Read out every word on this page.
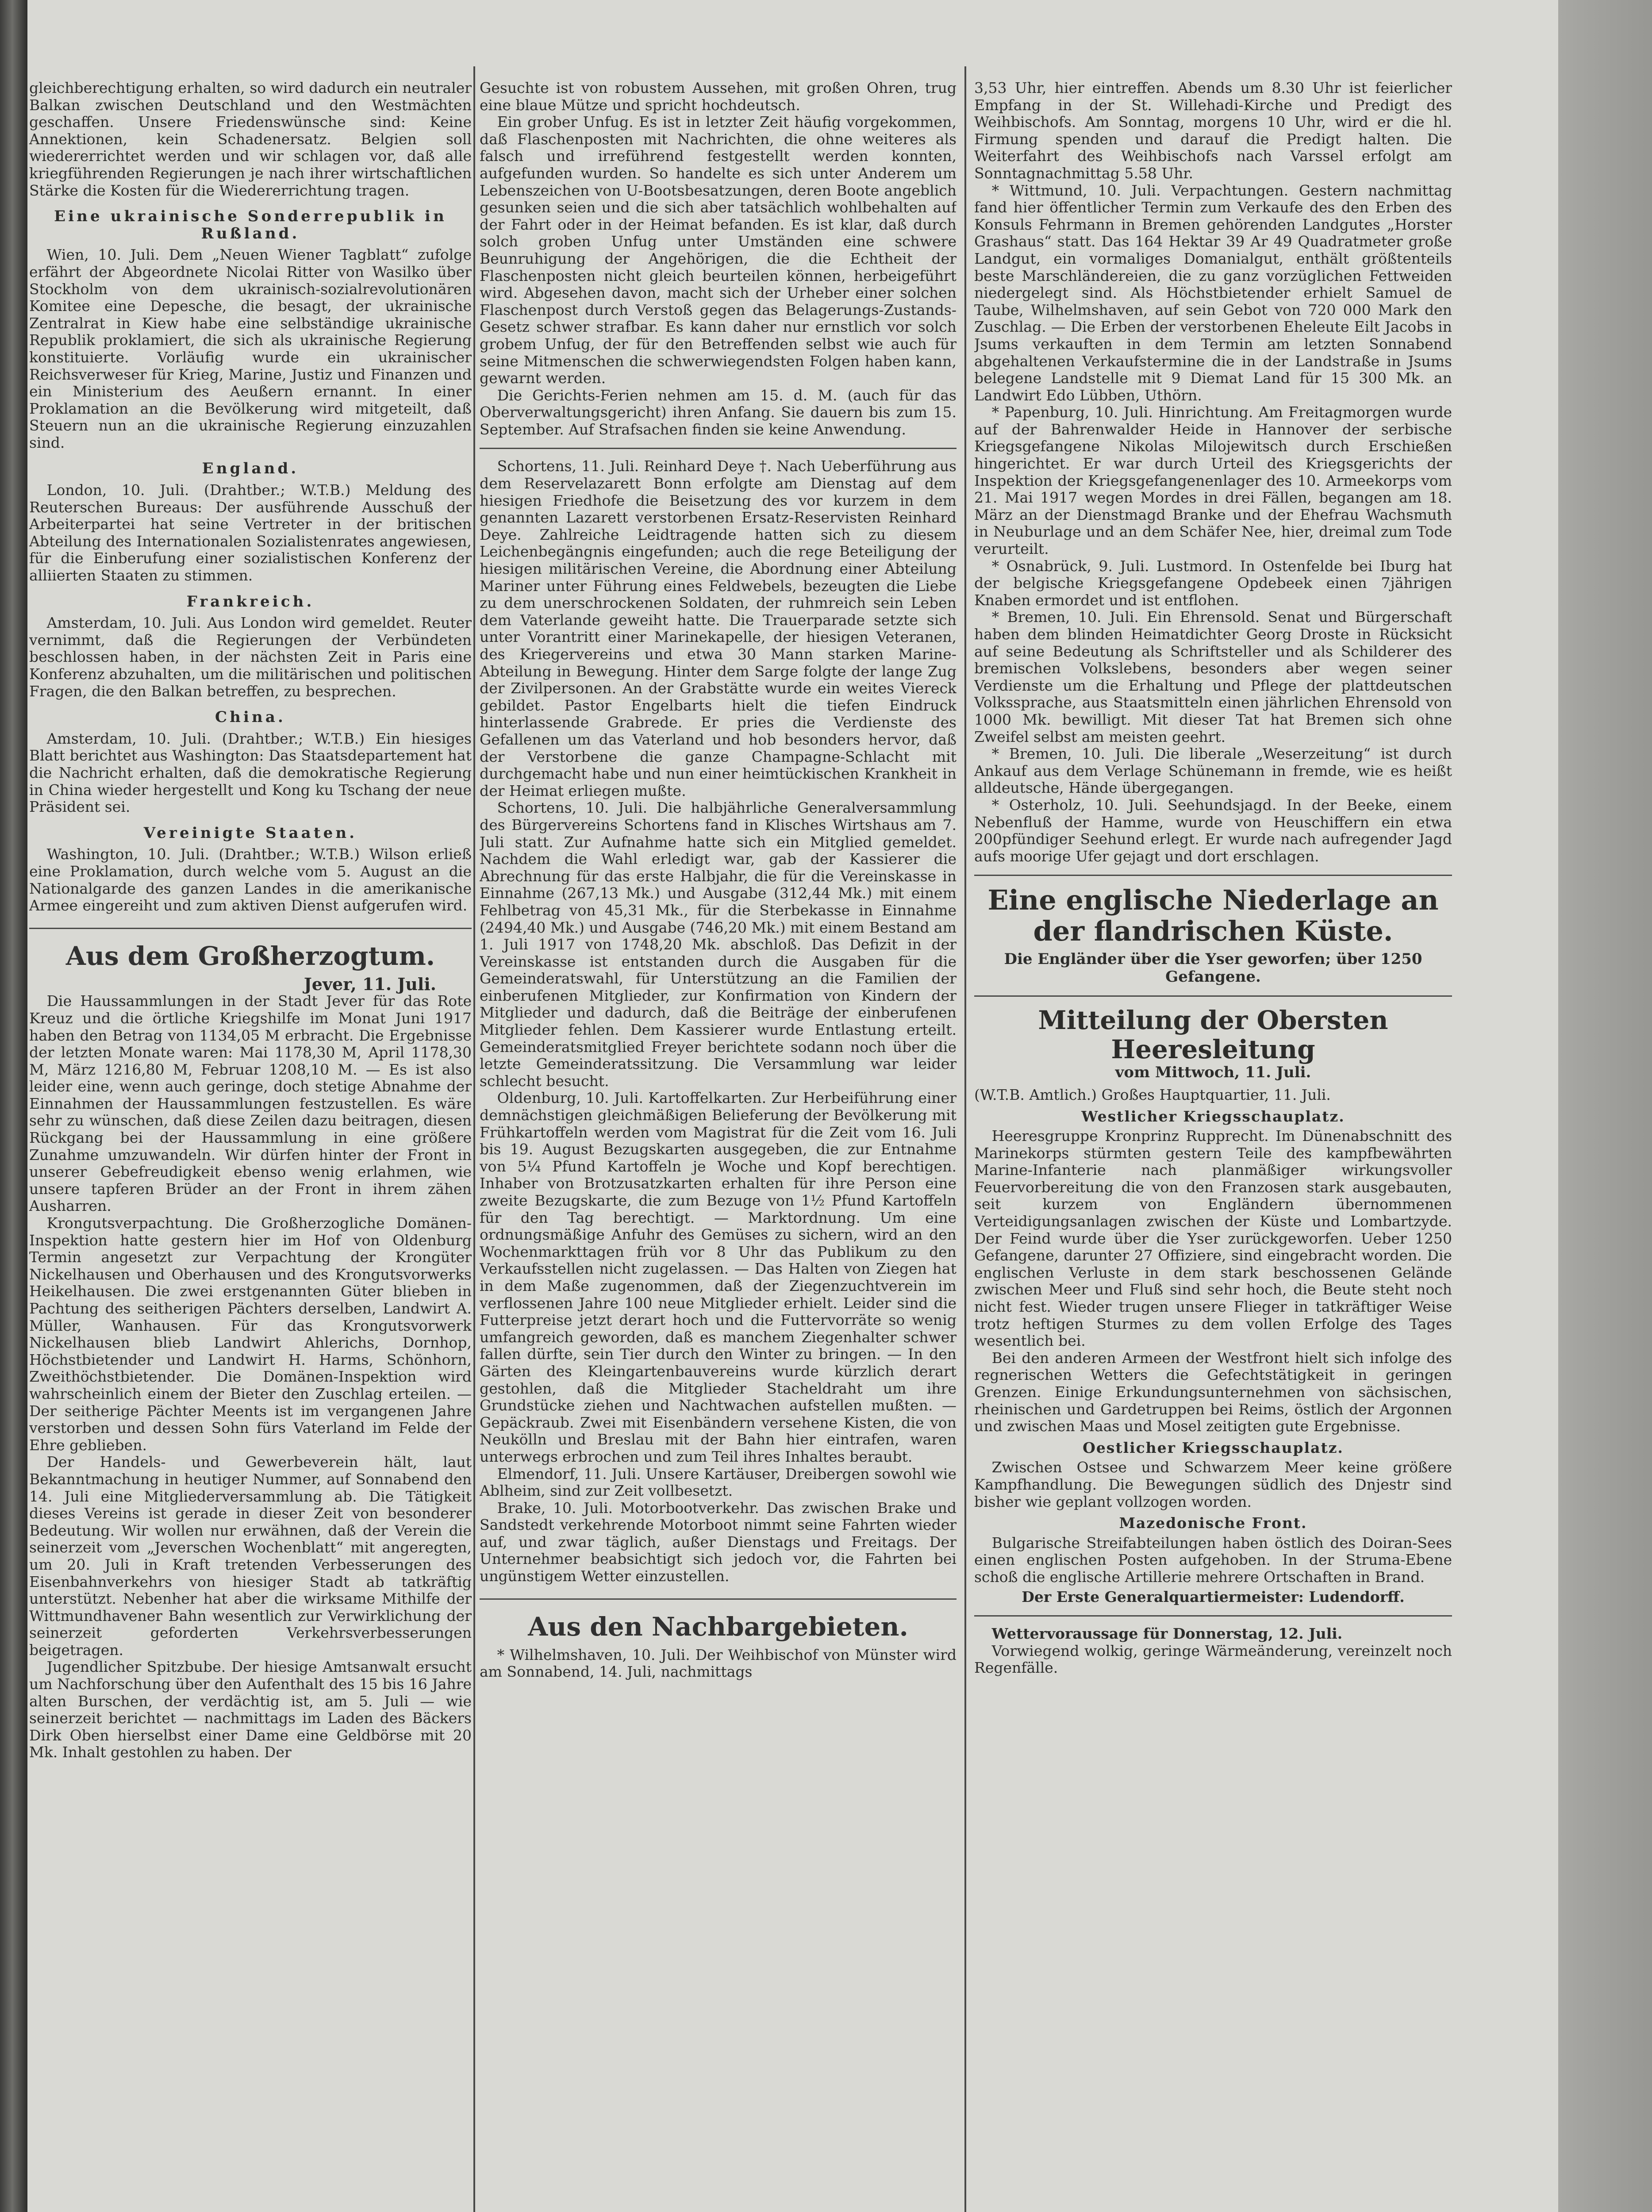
gleichberechtigung erhalten, so wird dadurch ein neutraler Balkan zwischen Deutschland und den Westmächten geschaffen. Unsere Friedenswünsche sind: Keine Annektionen, kein Schadenersatz. Belgien soll wiedererrichtet werden und wir schlagen vor, daß alle kriegführenden Regierungen je nach ihrer wirtschaftlichen Stärke die Kosten für die Wiedererrichtung tragen.

Eine ukrainische Sonderrepublik in Rußland.

Wien, 10. Juli. Dem „Neuen Wiener Tagblatt“ zufolge erfährt der Abgeordnete Nicolai Ritter von Wasilko über Stockholm von dem ukrainisch-sozialrevolutionären Komitee eine Depesche, die besagt, der ukrainische Zentralrat in Kiew habe eine selbständige ukrainische Republik proklamiert, die sich als ukrainische Regierung konstituierte. Vorläufig wurde ein ukrainischer Reichsverweser für Krieg, Marine, Justiz und Finanzen und ein Ministerium des Aeußern ernannt. In einer Proklamation an die Bevölkerung wird mitgeteilt, daß Steuern nun an die ukrainische Regierung einzuzahlen sind.

England.

London, 10. Juli. (Drahtber.; W.T.B.) Meldung des Reuterschen Bureaus: Der ausführende Ausschuß der Arbeiterpartei hat seine Vertreter in der britischen Abteilung des Internationalen Sozialistenrates angewiesen, für die Einberufung einer sozialistischen Konferenz der alliierten Staaten zu stimmen.

Frankreich.

Amsterdam, 10. Juli. Aus London wird gemeldet. Reuter vernimmt, daß die Regierungen der Verbündeten beschlossen haben, in der nächsten Zeit in Paris eine Konferenz abzuhalten, um die militärischen und politischen Fragen, die den Balkan betreffen, zu besprechen.

China.

Amsterdam, 10. Juli. (Drahtber.; W.T.B.) Ein hiesiges Blatt berichtet aus Washington: Das Staatsdepartement hat die Nachricht erhalten, daß die demokratische Regierung in China wieder hergestellt und Kong ku Tschang der neue Präsident sei.

Vereinigte Staaten.

Washington, 10. Juli. (Drahtber.; W.T.B.) Wilson erließ eine Proklamation, durch welche vom 5. August an die Nationalgarde des ganzen Landes in die amerikanische Armee eingereiht und zum aktiven Dienst aufgerufen wird.

Aus dem Großherzogtum.
Jever, 11. Juli.

Die Haussammlungen in der Stadt Jever für das Rote Kreuz und die örtliche Kriegshilfe im Monat Juni 1917 haben den Betrag von 1134,05 M erbracht. Die Ergebnisse der letzten Monate waren: Mai 1178,30 M, April 1178,30 M, März 1216,80 M, Februar 1208,10 M. — Es ist also leider eine, wenn auch geringe, doch stetige Abnahme der Einnahmen der Haussammlungen festzustellen. Es wäre sehr zu wünschen, daß diese Zeilen dazu beitragen, diesen Rückgang bei der Haussammlung in eine größere Zunahme umzuwandeln. Wir dürfen hinter der Front in unserer Gebefreudigkeit ebenso wenig erlahmen, wie unsere tapferen Brüder an der Front in ihrem zähen Ausharren.

Krongutsverpachtung. Die Großherzogliche Domänen-Inspektion hatte gestern hier im Hof von Oldenburg Termin angesetzt zur Verpachtung der Krongüter Nickelhausen und Oberhausen und des Krongutsvorwerks Heikelhausen. Die zwei erstgenannten Güter blieben in Pachtung des seitherigen Pächters derselben, Landwirt A. Müller, Wanhausen. Für das Krongutsvorwerk Nickelhausen blieb Landwirt Ahlerichs, Dornhop, Höchstbietender und Landwirt H. Harms, Schönhorn, Zweithöchstbietender. Die Domänen-Inspektion wird wahrscheinlich einem der Bieter den Zuschlag erteilen. — Der seitherige Pächter Meents ist im vergangenen Jahre verstorben und dessen Sohn fürs Vaterland im Felde der Ehre geblieben.

Der Handels- und Gewerbeverein hält, laut Bekanntmachung in heutiger Nummer, auf Sonnabend den 14. Juli eine Mitgliederversammlung ab. Die Tätigkeit dieses Vereins ist gerade in dieser Zeit von besonderer Bedeutung. Wir wollen nur erwähnen, daß der Verein die seinerzeit vom „Jeverschen Wochenblatt“ mit angeregten, um 20. Juli in Kraft tretenden Verbesserungen des Eisenbahnverkehrs von hiesiger Stadt ab tatkräftig unterstützt. Nebenher hat aber die wirksame Mithilfe der Wittmundhavener Bahn wesentlich zur Verwirklichung der seinerzeit geforderten Verkehrsverbesserungen beigetragen.

Jugendlicher Spitzbube. Der hiesige Amtsanwalt ersucht um Nachforschung über den Aufenthalt des 15 bis 16 Jahre alten Burschen, der verdächtig ist, am 5. Juli — wie seinerzeit berichtet — nachmittags im Laden des Bäckers Dirk Oben hierselbst einer Dame eine Geldbörse mit 20 Mk. Inhalt gestohlen zu haben. Der

Gesuchte ist von robustem Aussehen, mit großen Ohren, trug eine blaue Mütze und spricht hochdeutsch.

Ein grober Unfug. Es ist in letzter Zeit häufig vorgekommen, daß Flaschenposten mit Nachrichten, die ohne weiteres als falsch und irreführend festgestellt werden konnten, aufgefunden wurden. So handelte es sich unter Anderem um Lebenszeichen von U-Bootsbesatzungen, deren Boote angeblich gesunken seien und die sich aber tatsächlich wohlbehalten auf der Fahrt oder in der Heimat befanden. Es ist klar, daß durch solch groben Unfug unter Umständen eine schwere Beunruhigung der Angehörigen, die die Echtheit der Flaschenposten nicht gleich beurteilen können, herbeigeführt wird. Abgesehen davon, macht sich der Urheber einer solchen Flaschenpost durch Verstoß gegen das Belagerungs-Zustands-Gesetz schwer strafbar. Es kann daher nur ernstlich vor solch grobem Unfug, der für den Betreffenden selbst wie auch für seine Mitmenschen die schwerwiegendsten Folgen haben kann, gewarnt werden.

Die Gerichts-Ferien nehmen am 15. d. M. (auch für das Oberverwaltungsgericht) ihren Anfang. Sie dauern bis zum 15. September. Auf Strafsachen finden sie keine Anwendung.

Schortens, 11. Juli. Reinhard Deye †. Nach Ueberführung aus dem Reservelazarett Bonn erfolgte am Dienstag auf dem hiesigen Friedhofe die Beisetzung des vor kurzem in dem genannten Lazarett verstorbenen Ersatz-Reservisten Reinhard Deye. Zahlreiche Leidtragende hatten sich zu diesem Leichenbegängnis eingefunden; auch die rege Beteiligung der hiesigen militärischen Vereine, die Abordnung einer Abteilung Mariner unter Führung eines Feldwebels, bezeugten die Liebe zu dem unerschrockenen Soldaten, der ruhmreich sein Leben dem Vaterlande geweiht hatte. Die Trauerparade setzte sich unter Vorantritt einer Marinekapelle, der hiesigen Veteranen, des Kriegervereins und etwa 30 Mann starken Marine-Abteilung in Bewegung. Hinter dem Sarge folgte der lange Zug der Zivilpersonen. An der Grabstätte wurde ein weites Viereck gebildet. Pastor Engelbarts hielt die tiefen Eindruck hinterlassende Grabrede. Er pries die Verdienste des Gefallenen um das Vaterland und hob besonders hervor, daß der Verstorbene die ganze Champagne-Schlacht mit durchgemacht habe und nun einer heimtückischen Krankheit in der Heimat erliegen mußte.

Schortens, 10. Juli. Die halbjährliche Generalversammlung des Bürgervereins Schortens fand in Klisches Wirtshaus am 7. Juli statt. Zur Aufnahme hatte sich ein Mitglied gemeldet. Nachdem die Wahl erledigt war, gab der Kassierer die Abrechnung für das erste Halbjahr, die für die Vereinskasse in Einnahme (267,13 Mk.) und Ausgabe (312,44 Mk.) mit einem Fehlbetrag von 45,31 Mk., für die Sterbekasse in Einnahme (2494,40 Mk.) und Ausgabe (746,20 Mk.) mit einem Bestand am 1. Juli 1917 von 1748,20 Mk. abschloß. Das Defizit in der Vereinskasse ist entstanden durch die Ausgaben für die Gemeinderatswahl, für Unterstützung an die Familien der einberufenen Mitglieder, zur Konfirmation von Kindern der Mitglieder und dadurch, daß die Beiträge der einberufenen Mitglieder fehlen. Dem Kassierer wurde Entlastung erteilt. Gemeinderatsmitglied Freyer berichtete sodann noch über die letzte Gemeinderatssitzung. Die Versammlung war leider schlecht besucht.

Oldenburg, 10. Juli. Kartoffelkarten. Zur Herbeiführung einer demnächstigen gleichmäßigen Belieferung der Bevölkerung mit Frühkartoffeln werden vom Magistrat für die Zeit vom 16. Juli bis 19. August Bezugskarten ausgegeben, die zur Entnahme von 5¼ Pfund Kartoffeln je Woche und Kopf berechtigen. Inhaber von Brotzusatzkarten erhalten für ihre Person eine zweite Bezugskarte, die zum Bezuge von 1½ Pfund Kartoffeln für den Tag berechtigt. — Marktordnung. Um eine ordnungsmäßige Anfuhr des Gemüses zu sichern, wird an den Wochenmarkttagen früh vor 8 Uhr das Publikum zu den Verkaufsstellen nicht zugelassen. — Das Halten von Ziegen hat in dem Maße zugenommen, daß der Ziegenzuchtverein im verflossenen Jahre 100 neue Mitglieder erhielt. Leider sind die Futterpreise jetzt derart hoch und die Futtervorräte so wenig umfangreich geworden, daß es manchem Ziegenhalter schwer fallen dürfte, sein Tier durch den Winter zu bringen. — In den Gärten des Kleingartenbauvereins wurde kürzlich derart gestohlen, daß die Mitglieder Stacheldraht um ihre Grundstücke ziehen und Nachtwachen aufstellen mußten. — Gepäckraub. Zwei mit Eisenbändern versehene Kisten, die von Neukölln und Breslau mit der Bahn hier eintrafen, waren unterwegs erbrochen und zum Teil ihres Inhaltes beraubt.

Elmendorf, 11. Juli. Unsere Kartäuser, Dreibergen sowohl wie Ablheim, sind zur Zeit vollbesetzt.

Brake, 10. Juli. Motorbootverkehr. Das zwischen Brake und Sandstedt verkehrende Motorboot nimmt seine Fahrten wieder auf, und zwar täglich, außer Dienstags und Freitags. Der Unternehmer beabsichtigt sich jedoch vor, die Fahrten bei ungünstigem Wetter einzustellen.

Aus den Nachbargebieten.

* Wilhelmshaven, 10. Juli. Der Weihbischof von Münster wird am Sonnabend, 14. Juli, nachmittags

3,53 Uhr, hier eintreffen. Abends um 8.30 Uhr ist feierlicher Empfang in der St. Willehadi-Kirche und Predigt des Weihbischofs. Am Sonntag, morgens 10 Uhr, wird er die hl. Firmung spenden und darauf die Predigt halten. Die Weiterfahrt des Weihbischofs nach Varssel erfolgt am Sonntagnachmittag 5.58 Uhr.

* Wittmund, 10. Juli. Verpachtungen. Gestern nachmittag fand hier öffentlicher Termin zum Verkaufe des den Erben des Konsuls Fehrmann in Bremen gehörenden Landgutes „Horster Grashaus“ statt. Das 164 Hektar 39 Ar 49 Quadratmeter große Landgut, ein vormaliges Domanialgut, enthält größtenteils beste Marschländereien, die zu ganz vorzüglichen Fettweiden niedergelegt sind. Als Höchstbietender erhielt Samuel de Taube, Wilhelmshaven, auf sein Gebot von 720 000 Mark den Zuschlag. — Die Erben der verstorbenen Eheleute Eilt Jacobs in Jsums verkauften in dem Termin am letzten Sonnabend abgehaltenen Verkaufstermine die in der Landstraße in Jsums belegene Landstelle mit 9 Diemat Land für 15 300 Mk. an Landwirt Edo Lübben, Uthörn.

* Papenburg, 10. Juli. Hinrichtung. Am Freitagmorgen wurde auf der Bahrenwalder Heide in Hannover der serbische Kriegsgefangene Nikolas Milojewitsch durch Erschießen hingerichtet. Er war durch Urteil des Kriegsgerichts der Inspektion der Kriegsgefangenenlager des 10. Armeekorps vom 21. Mai 1917 wegen Mordes in drei Fällen, begangen am 18. März an der Dienstmagd Branke und der Ehefrau Wachsmuth in Neuburlage und an dem Schäfer Nee, hier, dreimal zum Tode verurteilt.

* Osnabrück, 9. Juli. Lustmord. In Ostenfelde bei Iburg hat der belgische Kriegsgefangene Opdebeek einen 7jährigen Knaben ermordet und ist entflohen.

* Bremen, 10. Juli. Ein Ehrensold. Senat und Bürgerschaft haben dem blinden Heimatdichter Georg Droste in Rücksicht auf seine Bedeutung als Schriftsteller und als Schilderer des bremischen Volkslebens, besonders aber wegen seiner Verdienste um die Erhaltung und Pflege der plattdeutschen Volkssprache, aus Staatsmitteln einen jährlichen Ehrensold von 1000 Mk. bewilligt. Mit dieser Tat hat Bremen sich ohne Zweifel selbst am meisten geehrt.

* Bremen, 10. Juli. Die liberale „Weserzeitung“ ist durch Ankauf aus dem Verlage Schünemann in fremde, wie es heißt alldeutsche, Hände übergegangen.

* Osterholz, 10. Juli. Seehundsjagd. In der Beeke, einem Nebenfluß der Hamme, wurde von Heuschiffern ein etwa 200pfündiger Seehund erlegt. Er wurde nach aufregender Jagd aufs moorige Ufer gejagt und dort erschlagen.

Eine englische Niederlage an der flandrischen Küste.
Die Engländer über die Yser geworfen; über 1250 Gefangene.
Mitteilung der Obersten Heeresleitung
vom Mittwoch, 11. Juli.

(W.T.B. Amtlich.) Großes Hauptquartier, 11. Juli.

Westlicher Kriegsschauplatz.

Heeresgruppe Kronprinz Rupprecht. Im Dünenabschnitt des Marinekorps stürmten gestern Teile des kampfbewährten Marine-Infanterie nach planmäßiger wirkungsvoller Feuervorbereitung die von den Franzosen stark ausgebauten, seit kurzem von Engländern übernommenen Verteidigungsanlagen zwischen der Küste und Lombartzyde. Der Feind wurde über die Yser zurückgeworfen. Ueber 1250 Gefangene, darunter 27 Offiziere, sind eingebracht worden. Die englischen Verluste in dem stark beschossenen Gelände zwischen Meer und Fluß sind sehr hoch, die Beute steht noch nicht fest. Wieder trugen unsere Flieger in tatkräftiger Weise trotz heftigen Sturmes zu dem vollen Erfolge des Tages wesentlich bei.

Bei den anderen Armeen der Westfront hielt sich infolge des regnerischen Wetters die Gefechtstätigkeit in geringen Grenzen. Einige Erkundungsunternehmen von sächsischen, rheinischen und Gardetruppen bei Reims, östlich der Argonnen und zwischen Maas und Mosel zeitigten gute Ergebnisse.

Oestlicher Kriegsschauplatz.

Zwischen Ostsee und Schwarzem Meer keine größere Kampfhandlung. Die Bewegungen südlich des Dnjestr sind bisher wie geplant vollzogen worden.

Mazedonische Front.

Bulgarische Streifabteilungen haben östlich des Doiran-Sees einen englischen Posten aufgehoben. In der Struma-Ebene schoß die englische Artillerie mehrere Ortschaften in Brand.

Der Erste Generalquartiermeister: Ludendorff.

Wettervoraussage für Donnerstag, 12. Juli.

Vorwiegend wolkig, geringe Wärmeänderung, vereinzelt noch Regenfälle.
